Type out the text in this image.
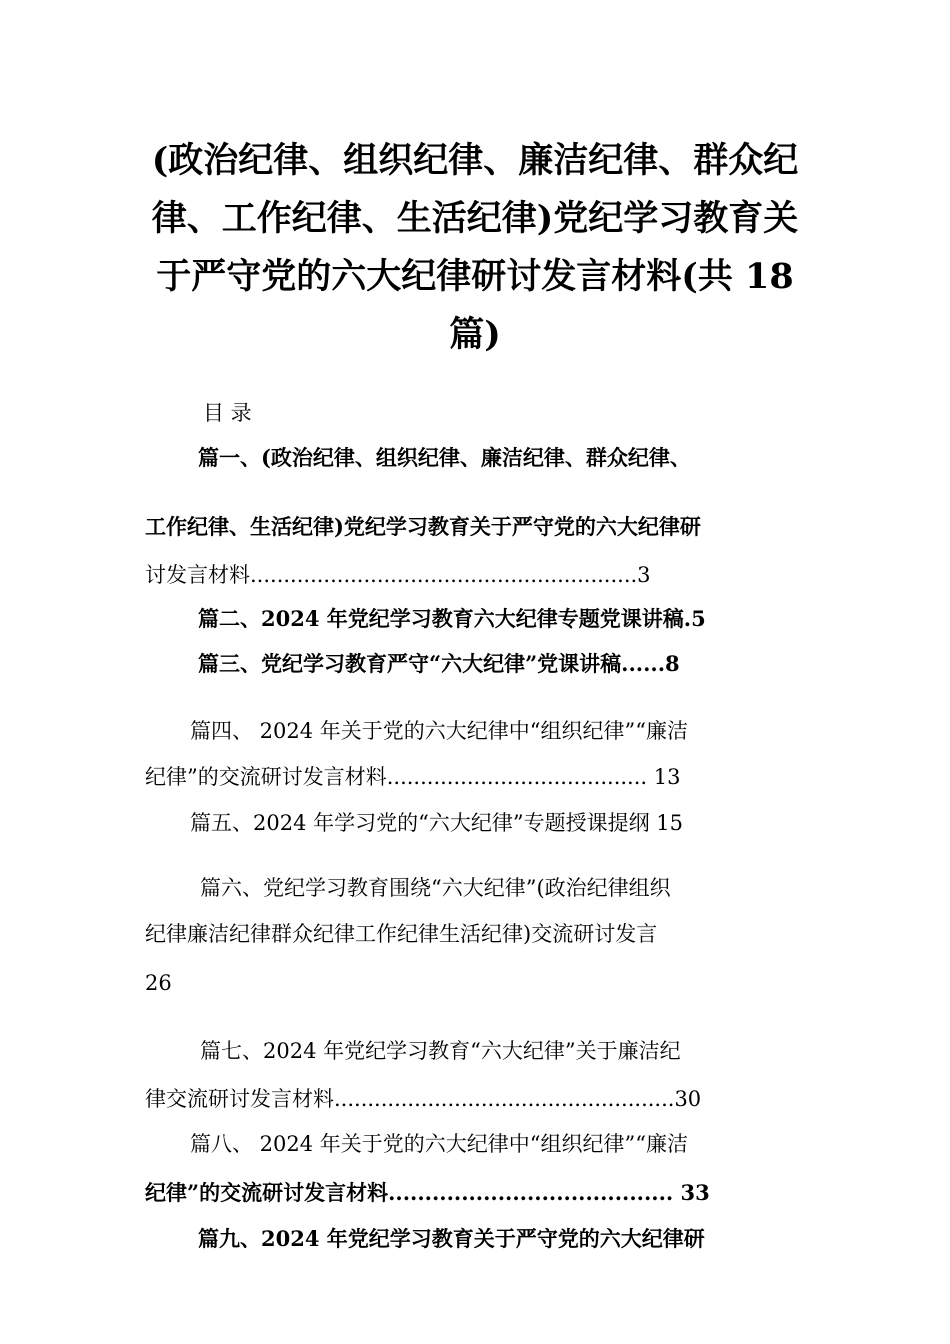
(政治纪律、组织纪律、廉洁纪律、群众纪
律、工作纪律、生活纪律)党纪学习教育关
于严守党的六大纪律研讨发言材料(共 18
篇)
目 录
篇一、(政治纪律、组织纪律、廉洁纪律、群众纪律、
工作纪律、生活纪律)党纪学习教育关于严守党的六大纪律研
讨发言材料..........................................................3
篇二、2024 年党纪学习教育六大纪律专题党课讲稿.5
篇三、党纪学习教育严守“六大纪律”党课讲稿......8
篇四、 2024 年关于党的六大纪律中“组织纪律”“廉洁
纪律”的交流研讨发言材料....................................... 13
篇五、2024 年学习党的“六大纪律”专题授课提纲 15
篇六、党纪学习教育围绕“六大纪律”(政治纪律组织
纪律廉洁纪律群众纪律工作纪律生活纪律)交流研讨发言
26
篇七、2024 年党纪学习教育“六大纪律”关于廉洁纪
律交流研讨发言材料...................................................30
篇八、 2024 年关于党的六大纪律中“组织纪律”“廉洁
纪律”的交流研讨发言材料....................................... 33
篇九、2024 年党纪学习教育关于严守党的六大纪律研
